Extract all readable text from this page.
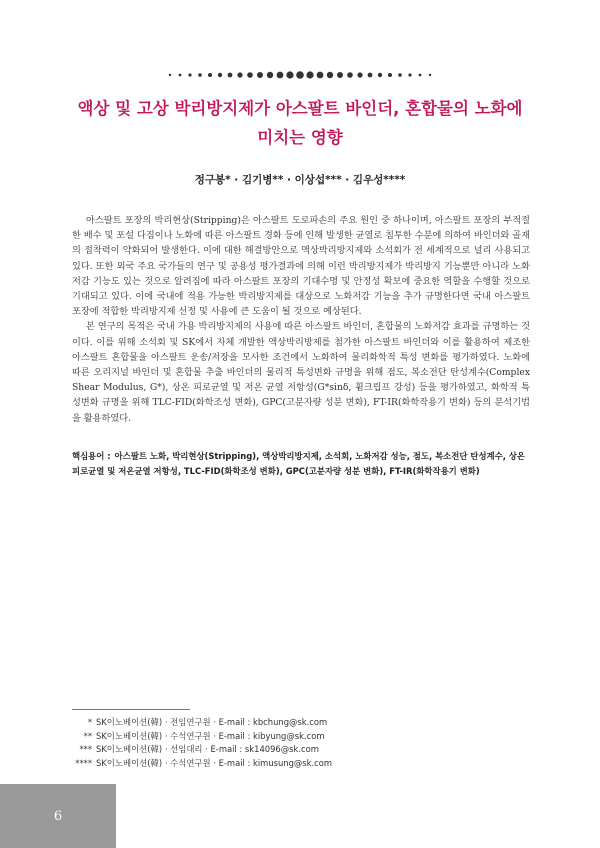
액상 및 고상 박리방지제가 아스팔트 바인더, 혼합물의 노화에
미치는 영향
정구봉* · 김기병** · 이상섭*** · 김우성****

아스팔트 포장의 박리현상(Stripping)은 아스팔트 도로파손의 주요 원인 중 하나이며, 아스팔트 포장의 부적절한 배수 및 포설 다짐이나 노화에 따른 아스팔트 경화 등에 인해 발생한 균열로 침투한 수분에 의하여 바인더와 골재의 접착력이 약화되어 발생한다. 이에 대한 해결방안으로 액상박리방지제와 소석회가 전 세계적으로 널리 사용되고 있다. 또한 외국 주요 국가들의 연구 및 공용성 평가결과에 의해 이런 박리방지제가 박리방지 기능뿐만 아니라 노화저감 기능도 있는 것으로 알려짐에 따라 아스팔트 포장의 기대수명 및 안정성 확보에 중요한 역할을 수행할 것으로 기대되고 있다. 이에 국내에 적용 가능한 박리방지제를 대상으로 노화저감 기능을 추가 규명한다면 국내 아스팔트 포장에 적합한 박리방지제 선정 및 사용에 큰 도움이 될 것으로 예상된다.

본 연구의 목적은 국내 가용 박리방지제의 사용에 따른 아스팔트 바인더, 혼합물의 노화저감 효과를 규명하는 것이다. 이를 위해 소석회 및 SK에서 자체 개발한 액상박리방제를 첨가한 아스팔트 바인더와 이를 활용하여 제조한 아스팔트 혼합물을 아스팔트 운송/저장을 모사한 조건에서 노화하여 물리화학적 특성 변화를 평가하였다. 노화에 따른 오리지널 바인더 및 혼합물 추출 바인더의 물리적 특성변화 규명을 위해 점도, 복소전단 탄성계수(Complex Shear Modulus, G*), 상온 피로균열 및 저온 균열 저항성(G*sinδ, 휨크립프 강성) 등을 평가하였고, 화학적 특성변화 규명을 위해 TLC-FID(화학조성 변화), GPC(고분자량 성분 변화), FT-IR(화학작용기 변화) 등의 분석기법을 활용하였다.

핵심용어 : 아스팔트 노화, 박리현상(Stripping), 액상박리방지제, 소석회, 노화저감 성능, 점도, 복소전단 탄성계수, 상온 피로균열 및 저온균열 저항성, TLC-FID(화학조성 변화), GPC(고분자량 성분 변화), FT-IR(화학작용기 변화)
* SK이노베이션(韓) · 전임연구원 · E-mail : kbchung@sk.com
** SK이노베이션(韓) · 수석연구원 · E-mail : kibyung@sk.com
*** SK이노베이션(韓) · 선임대리 · E-mail : sk14096@sk.com
**** SK이노베이션(韓) · 수석연구원 · E-mail : kimusung@sk.com
6
